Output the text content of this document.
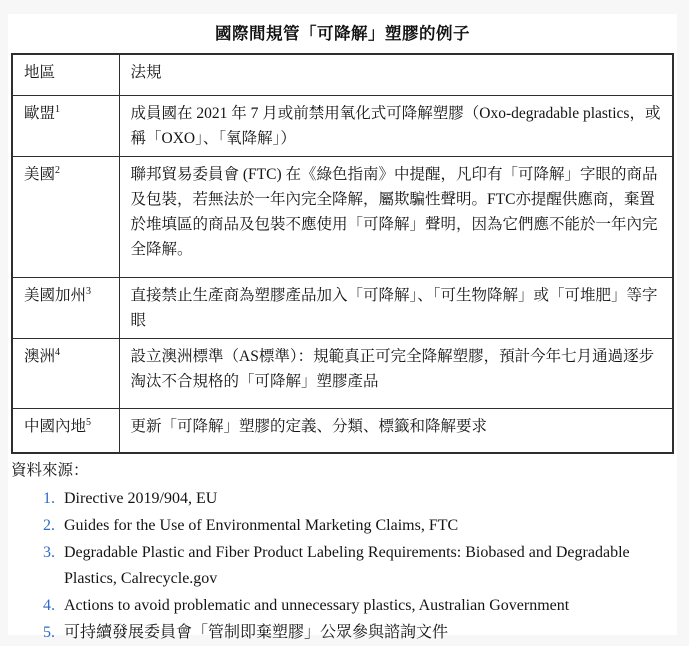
國際間規管「可降解」塑膠的例子
地區	法規
歐盟$^1$	成員國在 2021 年 7 月或前禁用氧化式可降解塑膠（Oxo-degradable plastics，或稱「OXO」、「氧降解」）
美國$^2$	聯邦貿易委員會 (FTC) 在《綠色指南》中提醒，凡印有「可降解」字眼的商品及包裝，若無法於一年內完全降解，屬欺騙性聲明。FTC亦提醒供應商，棄置於堆填區的商品及包裝不應使用「可降解」聲明，因為它們應不能於一年內完全降解。
美國加州$^3$	直接禁止生產商為塑膠產品加入「可降解」、「可生物降解」或「可堆肥」等字眼
澳洲$^4$	設立澳洲標準（AS標準）：規範真正可完全降解塑膠，預計今年七月通過逐步淘汰不合規格的「可降解」塑膠產品
中國內地$^5$	更新「可降解」塑膠的定義、分類、標籤和降解要求
資料來源：
1. Directive 2019/904, EU
2. Guides for the Use of Environmental Marketing Claims, FTC
3. Degradable Plastic and Fiber Product Labeling Requirements: Biobased and Degradable Plastics, Calrecycle.gov
4. Actions to avoid problematic and unnecessary plastics, Australian Government
5. 可持續發展委員會「管制即棄塑膠」公眾參與諮詢文件
